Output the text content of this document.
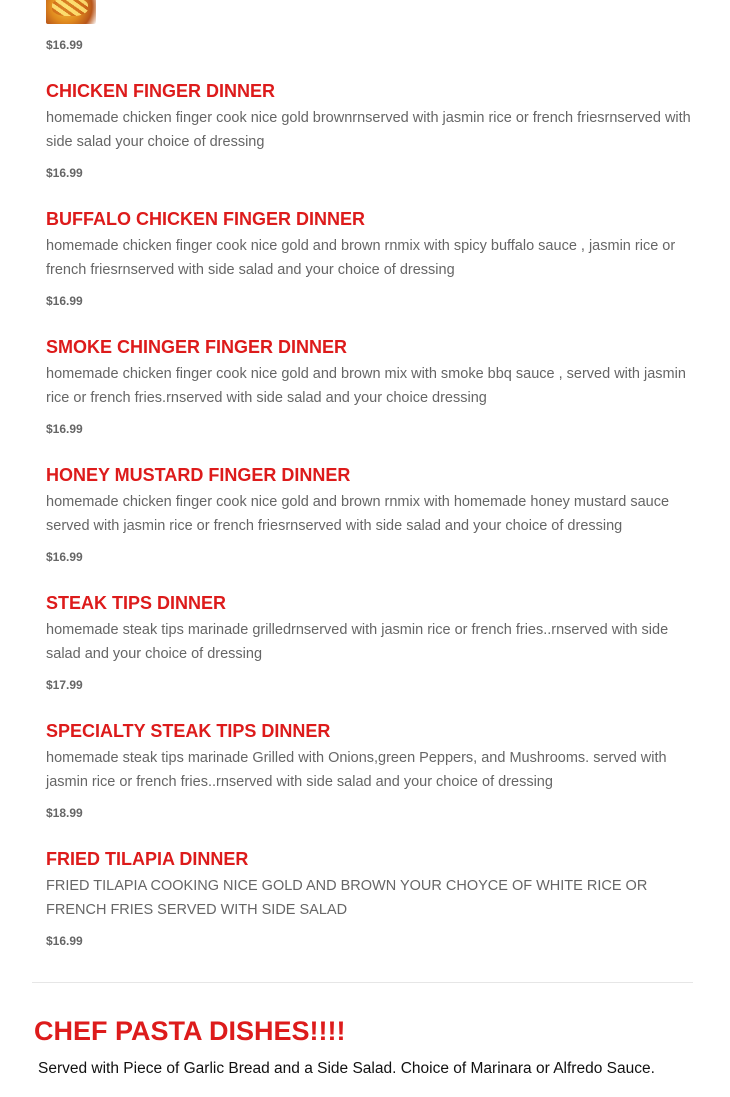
$16.99
CHICKEN FINGER DINNER

homemade chicken finger cook nice gold brownrnserved with jasmin rice or french friesrnserved with side salad your choice of dressing

$16.99
BUFFALO CHICKEN FINGER DINNER

homemade chicken finger cook nice gold and brown rnmix with spicy buffalo sauce , jasmin rice or french friesrnserved with side salad and your choice of dressing

$16.99
SMOKE CHINGER FINGER DINNER

homemade chicken finger cook nice gold and brown mix with smoke bbq sauce , served with jasmin rice or french fries.rnserved with side salad and your choice dressing

$16.99
HONEY MUSTARD FINGER DINNER

homemade chicken finger cook nice gold and brown rnmix with homemade honey mustard sauce served with jasmin rice or french friesrnserved with side salad and your choice of dressing

$16.99
STEAK TIPS DINNER

homemade steak tips marinade grilledrnserved with jasmin rice or french fries..rnserved with side salad and your choice of dressing

$17.99
SPECIALTY STEAK TIPS DINNER

homemade steak tips marinade Grilled with Onions,green Peppers, and Mushrooms. served with jasmin rice or french fries..rnserved with side salad and your choice of dressing

$18.99
FRIED TILAPIA DINNER

FRIED TILAPIA COOKING NICE GOLD AND BROWN YOUR CHOYCE OF WHITE RICE OR FRENCH FRIES SERVED WITH SIDE SALAD

$16.99
CHEF PASTA DISHES!!!!

Served with Piece of Garlic Bread and a Side Salad. Choice of Marinara or Alfredo Sauce.
